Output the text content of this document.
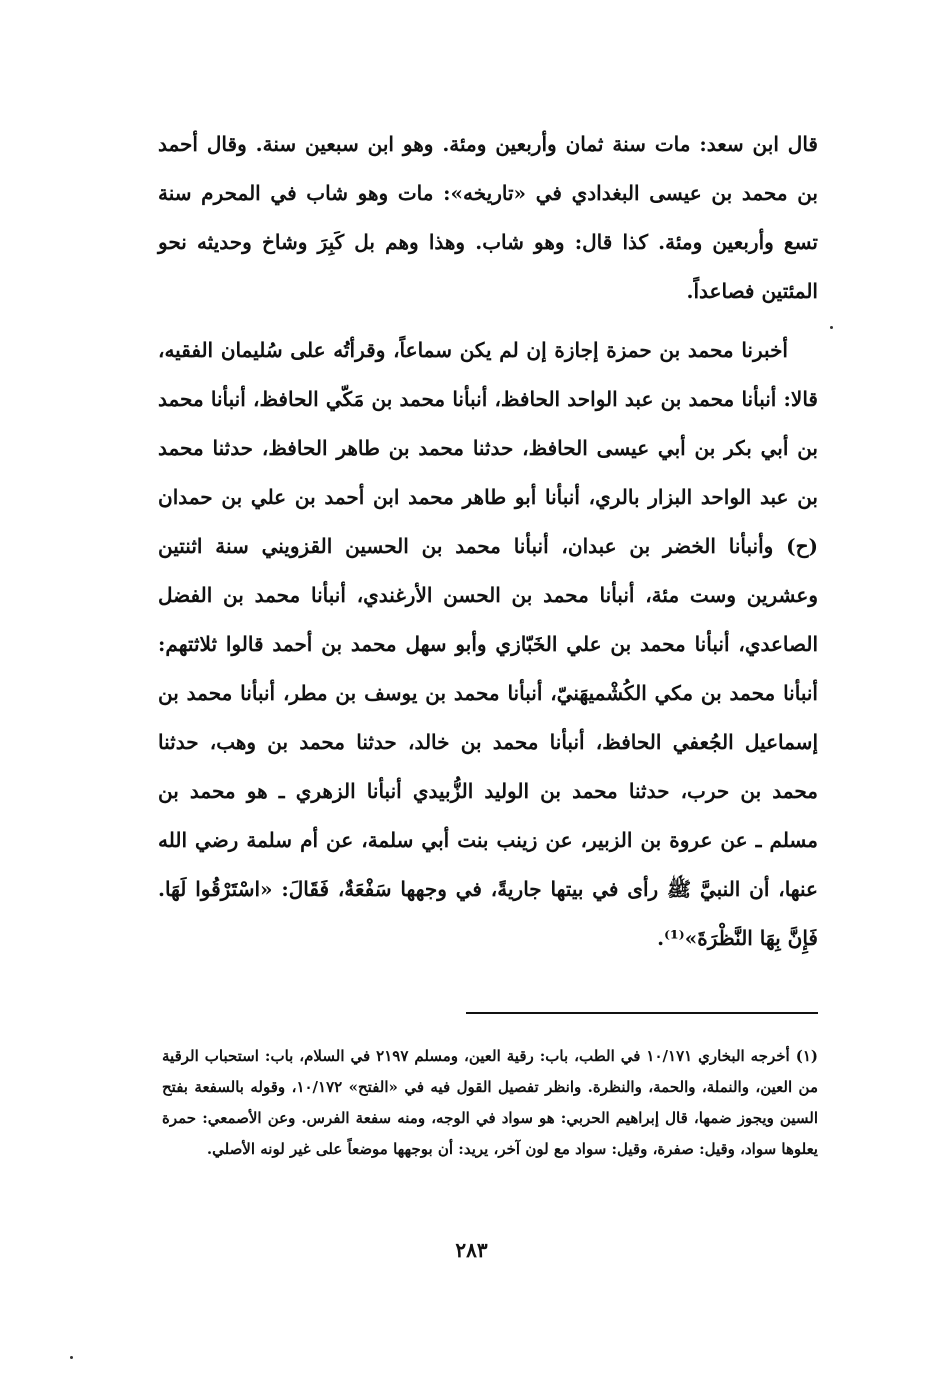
قال ابن سعد: مات سنة ثمان وأربعين ومئة. وهو ابن سبعين سنة. وقال أحمد بن محمد بن عيسى البغدادي في «تاريخه»: مات وهو شاب في المحرم سنة تسع وأربعين ومئة. كذا قال: وهو شاب. وهذا وهم بل كَبِرَ وشاخ وحديثه نحو المئتين فصاعداً.

أخبرنا محمد بن حمزة إجازة إن لم يكن سماعاً، وقرأتُه على سُليمان الفقيه، قالا: أنبأنا محمد بن عبد الواحد الحافظ، أنبأنا محمد بن مَكّي الحافظ، أنبأنا محمد بن أبي بكر بن أبي عيسى الحافظ، حدثنا محمد بن طاهر الحافظ، حدثنا محمد بن عبد الواحد البزار بالري، أنبأنا أبو طاهر محمد ابن أحمد بن علي بن حمدان (ح) وأنبأنا الخضر بن عبدان، أنبأنا محمد بن الحسين القزويني سنة اثنتين وعشرين وست مئة، أنبأنا محمد بن الحسن الأرغندي، أنبأنا محمد بن الفضل الصاعدي، أنبأنا محمد بن علي الخَبّازي وأبو سهل محمد بن أحمد قالوا ثلاثتهم: أنبأنا محمد بن مكي الكُشْميهَنيّ، أنبأنا محمد بن يوسف بن مطر، أنبأنا محمد بن إسماعيل الجُعفي الحافظ، أنبأنا محمد بن خالد، حدثنا محمد بن وهب، حدثنا محمد بن حرب، حدثنا محمد بن الوليد الزُّبيدي أنبأنا الزهري ـ هو محمد بن مسلم ـ عن عروة بن الزبير، عن زينب بنت أبي سلمة، عن أم سلمة رضي الله عنها، أن النبيَّ ﷺ رأى في بيتها جاريةً، في وجهها سَفْعَةٌ، فَقَالَ: «اسْتَرْقُوا لَهَا. فَإِنَّ بِهَا النَّظْرَةَ»⁽¹⁾.

(١) أخرجه البخاري ١٠/١٧١ في الطب، باب: رقية العين، ومسلم ٢١٩٧ في السلام، باب: استحباب الرقية من العين، والنملة، والحمة، والنظرة. وانظر تفصيل القول فيه في «الفتح» ١٠/١٧٢، وقوله بالسفعة بفتح السين ويجوز ضمها، قال إبراهيم الحربي: هو سواد في الوجه، ومنه سفعة الفرس. وعن الأصمعي: حمرة يعلوها سواد، وقيل: صفرة، وقيل: سواد مع لون آخر، يريد: أن بوجهها موضعاً على غير لونه الأصلي.

٢٨٣
